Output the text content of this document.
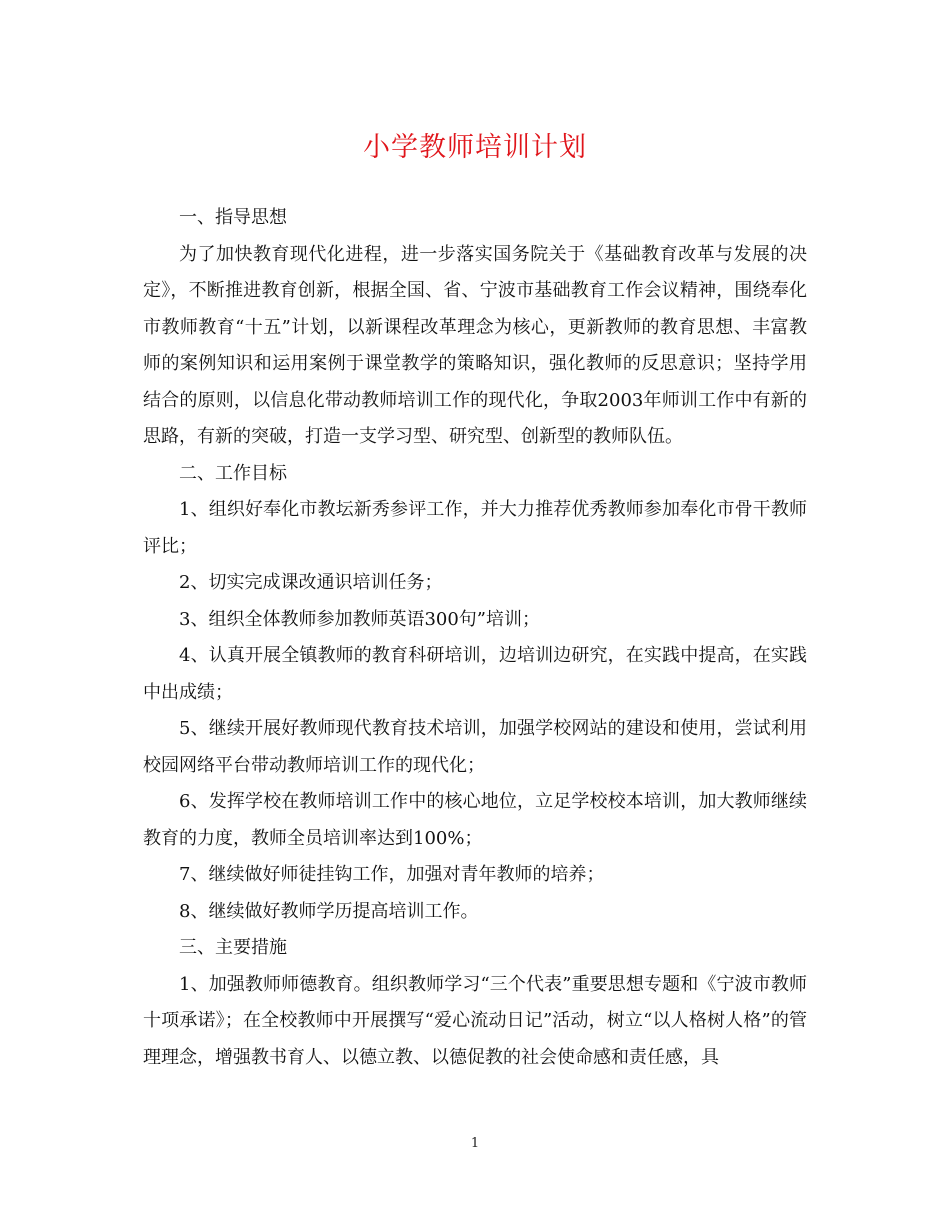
小学教师培训计划

一、指导思想

为了加快教育现代化进程，进一步落实国务院关于《基础教育改革与发展的决定》，不断推进教育创新，根据全国、省、宁波市基础教育工作会议精神，围绕奉化市教师教育“十五”计划，以新课程改革理念为核心，更新教师的教育思想、丰富教师的案例知识和运用案例于课堂教学的策略知识，强化教师的反思意识；坚持学用结合的原则，以信息化带动教师培训工作的现代化，争取2003年师训工作中有新的思路，有新的突破，打造一支学习型、研究型、创新型的教师队伍。

二、工作目标

1、组织好奉化市教坛新秀参评工作，并大力推荐优秀教师参加奉化市骨干教师评比；

2、切实完成课改通识培训任务；

3、组织全体教师参加教师英语300句”培训；

4、认真开展全镇教师的教育科研培训，边培训边研究，在实践中提高，在实践中出成绩；

5、继续开展好教师现代教育技术培训，加强学校网站的建设和使用，尝试利用校园网络平台带动教师培训工作的现代化；

6、发挥学校在教师培训工作中的核心地位，立足学校校本培训，加大教师继续教育的力度，教师全员培训率达到100%；

7、继续做好师徒挂钩工作，加强对青年教师的培养；

8、继续做好教师学历提高培训工作。

三、主要措施

1、加强教师师德教育。组织教师学习“三个代表”重要思想专题和《宁波市教师十项承诺》；在全校教师中开展撰写“爱心流动日记”活动，树立“以人格树人格”的管理理念，增强教书育人、以德立教、以德促教的社会使命感和责任感，具

1
